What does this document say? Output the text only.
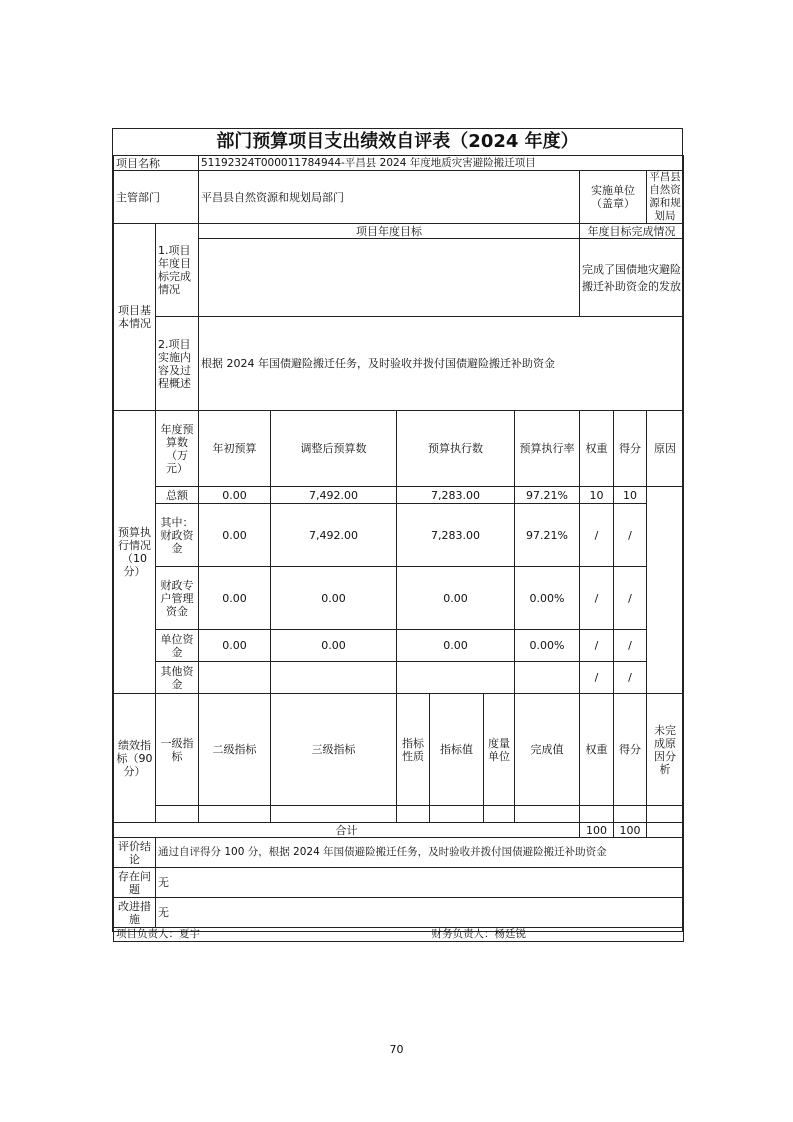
部门预算项目支出绩效自评表（2024 年度）
项目名称		51192324T000011784944-平昌县 2024 年度地质灾害避险搬迁项目								
主管部门		平昌县自然资源和规划局部门						实施单位（盖章）		平昌县自然资源和规划局
项目基本情况	1.项目年度目标完成情况	项目年度目标						年度目标完成情况		
								完成了国债地灾避险搬迁补助资金的发放		
	2.项目实施内容及过程概述	根据 2024 年国债避险搬迁任务，及时验收并拨付国债避险搬迁补助资金								

预算执行情况（10分）	年度预算数（万元）	年初预算	调整后预算数	预算执行数			预算执行率	权重	得分	原因
	总额	0.00	7,492.00	7,283.00			97.21%	10	10	
	其中：财政资金	0.00	7,492.00	7,283.00			97.21%	/	/	
	财政专户管理资金	0.00	0.00	0.00			0.00%	/	/	
	单位资金	0.00	0.00	0.00			0.00%	/	/	
	其他资金							/	/	
绩效指标（90分）	一级指标	二级指标	三级指标	指标性质	指标值	度量单位	完成值	权重	得分	未完成原因分析

合计								100	100	
评价结论	通过自评得分 100 分，根据 2024 年国债避险搬迁任务，及时验收并拨付国债避险搬迁补助资金									
存在问题	无									
改进措施	无									
项目负责人：夏宇					财务负责人：杨廷锐					
70
